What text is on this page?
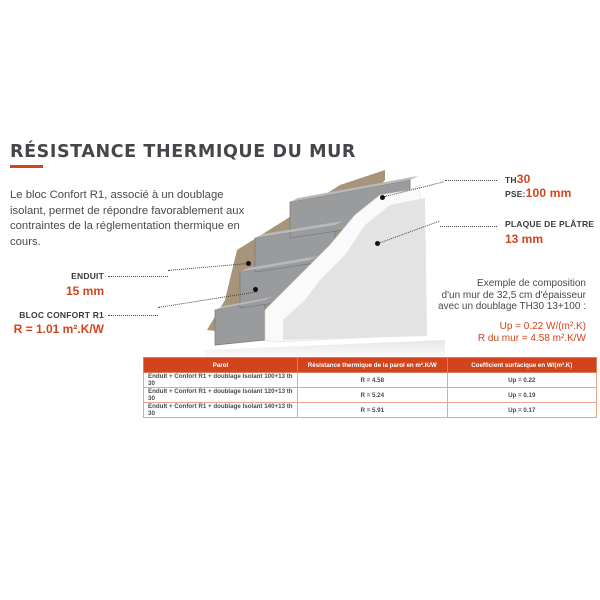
RÉSISTANCE THERMIQUE DU MUR
Le bloc Confort R1, associé à un doublage isolant, permet de répondre favorablement aux contraintes de la réglementation thermique en cours.
ENDUIT
15 mm
BLOC CONFORT R1
R = 1.01 m².K/W
TH30
PSE:100 mm
PLAQUE DE PLÂTRE
13 mm
Exemple de composition
d'un mur de 32,5 cm d'épaisseur
avec un doublage TH30 13+100 :
Up = 0.22 W/(m².K)
R du mur = 4.58 m².K/W
Parol	Résistance thermique de la parol en m².K/W	Coefficient surfacique en W/(m².K)
Endult + Confort R1 + doublage Isolant 100+13 th 30	R = 4.58	Up = 0.22
Endult + Confort R1 + doublage Isolant 120+13 th 30	R = 5.24	Up = 0.19
Endult + Confort R1 + doublage Isolant 140+13 th 30	R = 5.91	Up = 0.17
